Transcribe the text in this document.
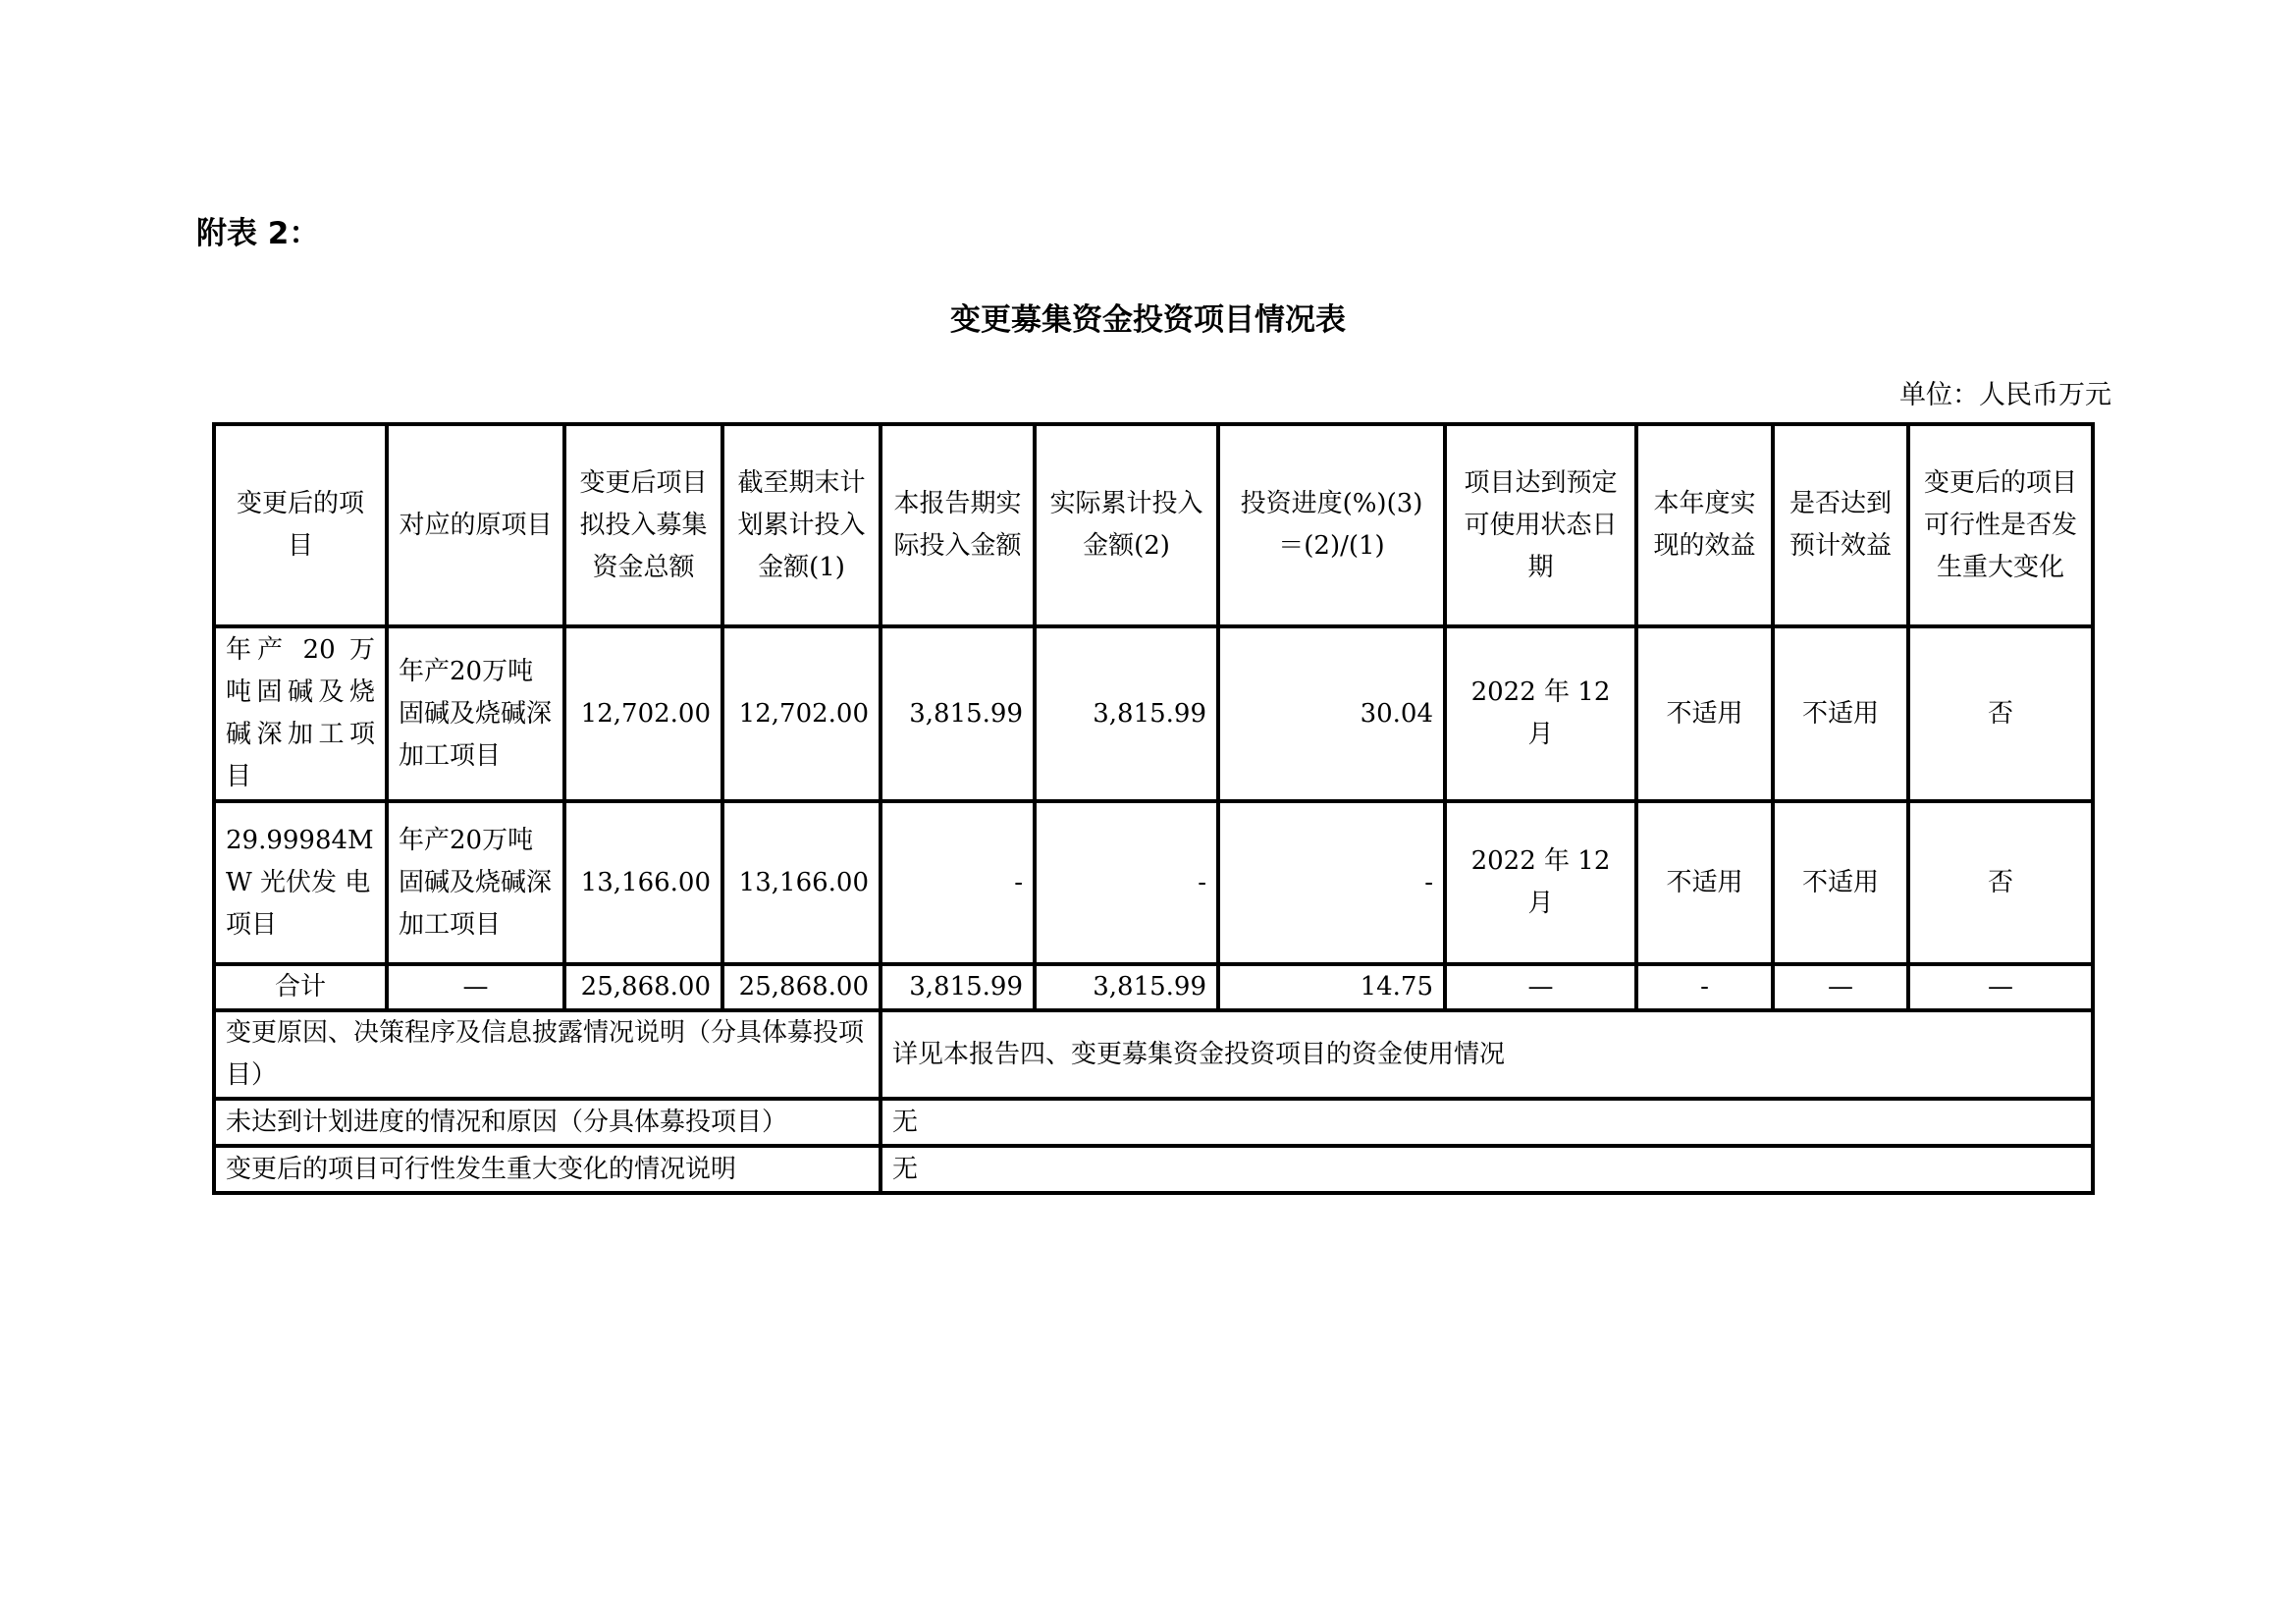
附表 2：
变更募集资金投资项目情况表
单位：人民币万元
变更后的项目	对应的原项目	变更后项目拟投入募集资金总额	截至期末计划累计投入金额(1)	本报告期实际投入金额	实际累计投入金额(2)	投资进度(%)(3)＝(2)/(1)	项目达到预定可使用状态日期	本年度实现的效益	是否达到预计效益	变更后的项目可行性是否发生重大变化
年产 20 万吨固碱及烧碱深加工项目	年产20万吨固碱及烧碱深加工项目	12,702.00	12,702.00	3,815.99	3,815.99	30.04	2022 年 12 月	不适用	不适用	否
29.99984MW 光伏发 电项目	年产20万吨固碱及烧碱深加工项目	13,166.00	13,166.00	-	-	-	2022 年 12 月	不适用	不适用	否
合计	—	25,868.00	25,868.00	3,815.99	3,815.99	14.75	—	-	—	—
变更原因、决策程序及信息披露情况说明（分具体募投项目）				详见本报告四、变更募集资金投资项目的资金使用情况						
未达到计划进度的情况和原因（分具体募投项目）				无						
变更后的项目可行性发生重大变化的情况说明				无						
